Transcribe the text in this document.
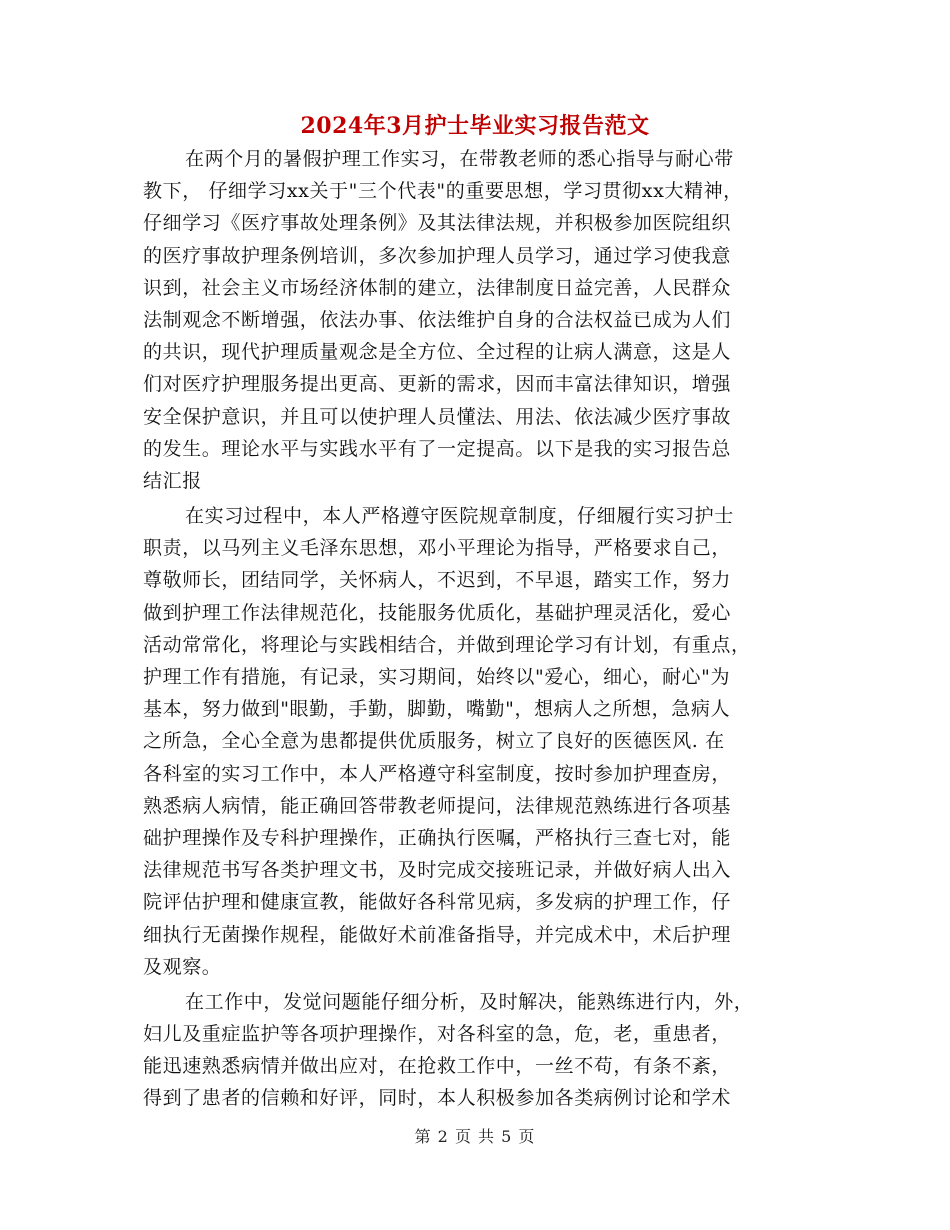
2024年3月护士毕业实习报告范文
在两个月的暑假护理工作实习，在带教老师的悉心指导与耐心带
教下， 仔细学习xx关于"三个代表"的重要思想，学习贯彻xx大精神，
仔细学习《医疗事故处理条例》及其法律法规，并积极参加医院组织
的医疗事故护理条例培训，多次参加护理人员学习，通过学习使我意
识到，社会主义市场经济体制的建立，法律制度日益完善，人民群众
法制观念不断增强，依法办事、依法维护自身的合法权益已成为人们
的共识，现代护理质量观念是全方位、全过程的让病人满意，这是人
们对医疗护理服务提出更高、更新的需求，因而丰富法律知识，增强
安全保护意识，并且可以使护理人员懂法、用法、依法减少医疗事故
的发生。理论水平与实践水平有了一定提高。以下是我的实习报告总
结汇报
在实习过程中，本人严格遵守医院规章制度，仔细履行实习护士
职责，以马列主义毛泽东思想，邓小平理论为指导，严格要求自己，
尊敬师长，团结同学，关怀病人，不迟到，不早退，踏实工作，努力
做到护理工作法律规范化，技能服务优质化，基础护理灵活化，爱心
活动常常化，将理论与实践相结合，并做到理论学习有计划，有重点，
护理工作有措施，有记录，实习期间，始终以"爱心，细心，耐心"为
基本，努力做到"眼勤，手勤，脚勤，嘴勤"，想病人之所想，急病人
之所急，全心全意为患都提供优质服务，树立了良好的医德医风. 在
各科室的实习工作中，本人严格遵守科室制度，按时参加护理查房，
熟悉病人病情，能正确回答带教老师提问，法律规范熟练进行各项基
础护理操作及专科护理操作，正确执行医嘱，严格执行三查七对，能
法律规范书写各类护理文书，及时完成交接班记录，并做好病人出入
院评估护理和健康宣教，能做好各科常见病，多发病的护理工作，仔
细执行无菌操作规程，能做好术前准备指导，并完成术中，术后护理
及观察。
在工作中，发觉问题能仔细分析，及时解决，能熟练进行内，外，
妇儿及重症监护等各项护理操作，对各科室的急，危，老，重患者，
能迅速熟悉病情并做出应对，在抢救工作中，一丝不苟，有条不紊，
得到了患者的信赖和好评，同时，本人积极参加各类病例讨论和学术
第 2 页 共 5 页
